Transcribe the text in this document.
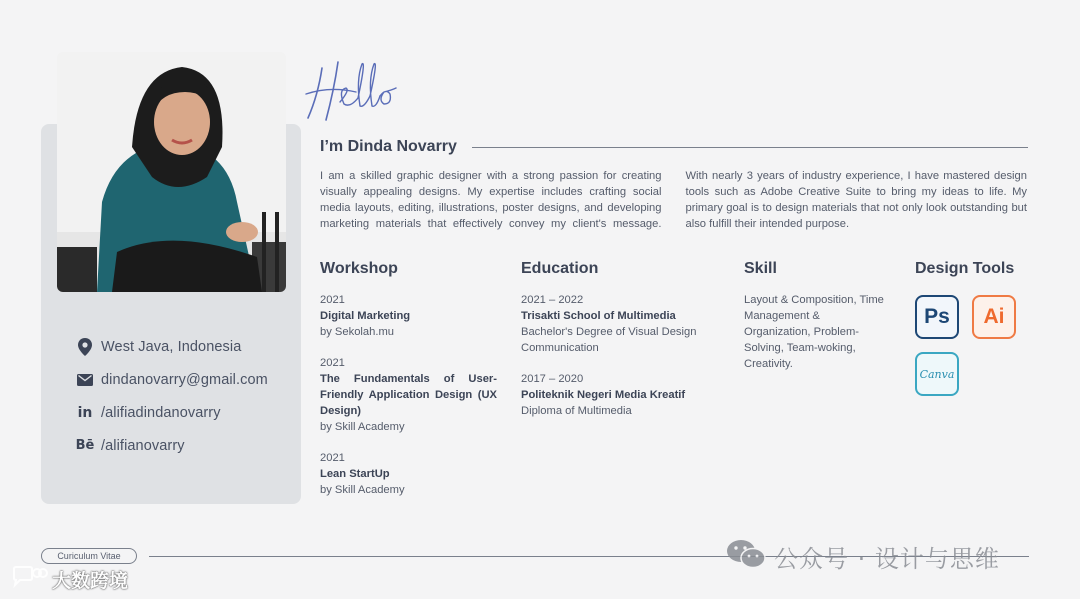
West Java, Indonesia
dindanovarry@gmail.com
in /alifiadindanovarry
Bē /alifianovarry
Hello
I’m Dinda Novarry

I am a skilled graphic designer with a strong passion for creating visually appealing designs. My expertise includes crafting social media layouts, editing, illustrations, poster designs, and developing marketing materials that effectively convey my client's message. With nearly 3 years of industry experience, I have mastered design tools such as Adobe Creative Suite to bring my ideas to life. My primary goal is to design materials that not only look outstanding but also fulfill their intended purpose.

Workshop
2021
Digital Marketing
by Sekolah.mu
2021
The Fundamentals of User-Friendly Application Design (UX Design)
by Skill Academy
2021
Lean StartUp
by Skill Academy
Education
2021 – 2022
Trisakti School of Multimedia
Bachelor's Degree of Visual Design Communication
2017 – 2020
Politeknik Negeri Media Kreatif
Diploma of Multimedia
Skill

Layout & Composition, Time Management & Organization, Problem-Solving, Team-woking, Creativity.

Design Tools
Ps	Ai
Canva
Curiculum Vitae	公众号 · 设计与思维
大数跨境
